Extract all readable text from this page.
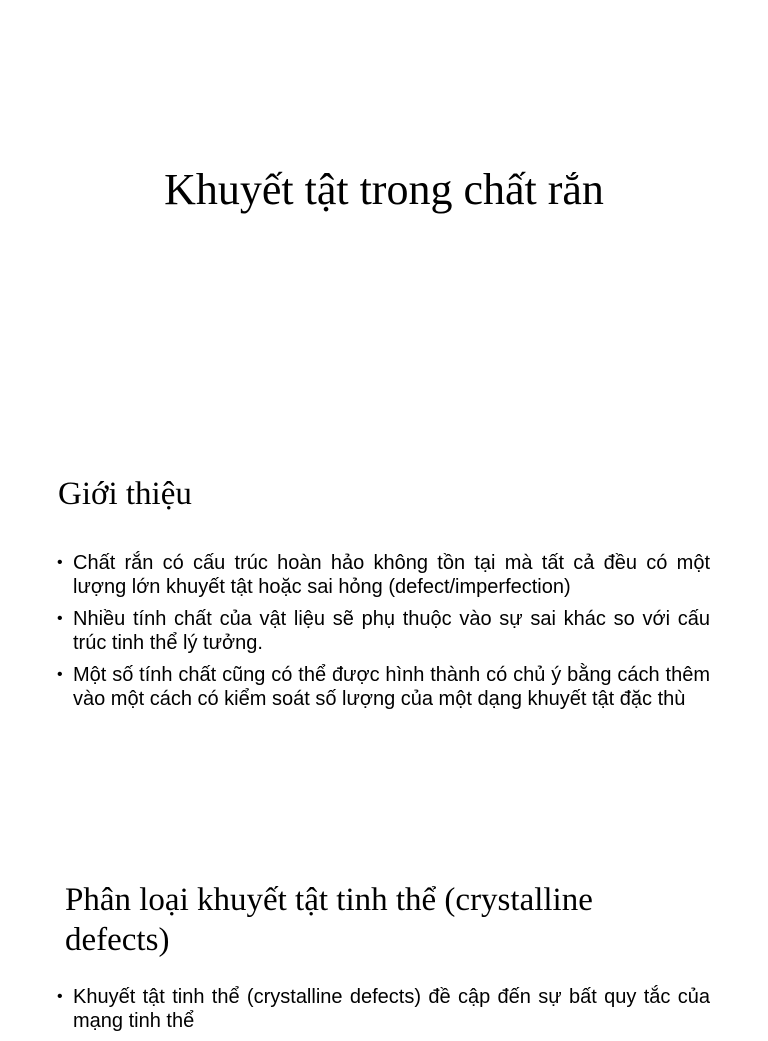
Khuyết tật trong chất rắn
Giới thiệu
• Chất rắn có cấu trúc hoàn hảo không tồn tại mà tất cả đều có một lượng lớn khuyết tật hoặc sai hỏng (defect/imperfection)
• Nhiều tính chất của vật liệu sẽ phụ thuộc vào sự sai khác so với cấu trúc tinh thể lý tưởng.
• Một số tính chất cũng có thể được hình thành có chủ ý bằng cách thêm vào một cách có kiểm soát số lượng của một dạng khuyết tật đặc thù
Phân loại khuyết tật tinh thể (crystalline defects)
• Khuyết tật tinh thể (crystalline defects) đề cập đến sự bất quy tắc của mạng tinh thể
